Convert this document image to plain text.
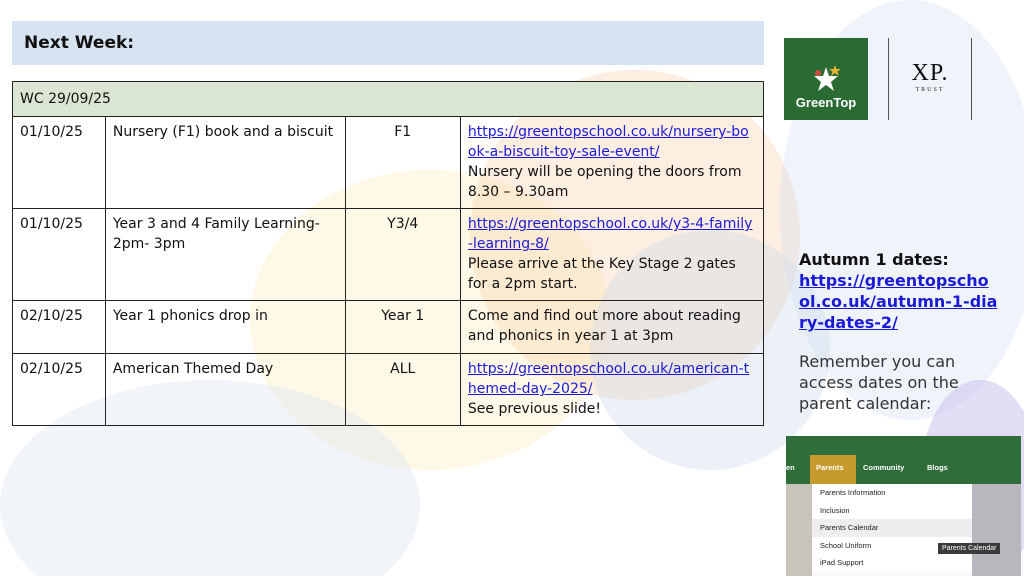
Next Week:
WC 29/09/25			
01/10/25	Nursery (F1) book and a biscuit	F1	https://greentopschool.co.uk/nursery-book-a-biscuit-toy-sale-event/
Nursery will be opening the doors from 8.30 – 9.30am
01/10/25	Year 3 and 4 Family Learning- 2pm- 3pm	Y3/4	https://greentopschool.co.uk/y3-4-family-learning-8/
Please arrive at the Key Stage 2 gates for a 2pm start.
02/10/25	Year 1 phonics drop in	Year 1	Come and find out more about reading and phonics in year 1 at 3pm
02/10/25	American Themed Day	ALL	https://greentopschool.co.uk/american-themed-day-2025/
See previous slide!
GreenTop
XP.
TRUST
Autumn 1 dates:
https://greentopschool.co.uk/autumn-1-diary-dates-2/
Remember you can access dates on the parent calendar:
en	Parents	Community	Blogs
Parents Information
Inclusion
Parents Calendar
School Uniform
iPad Support
Parents Calendar
